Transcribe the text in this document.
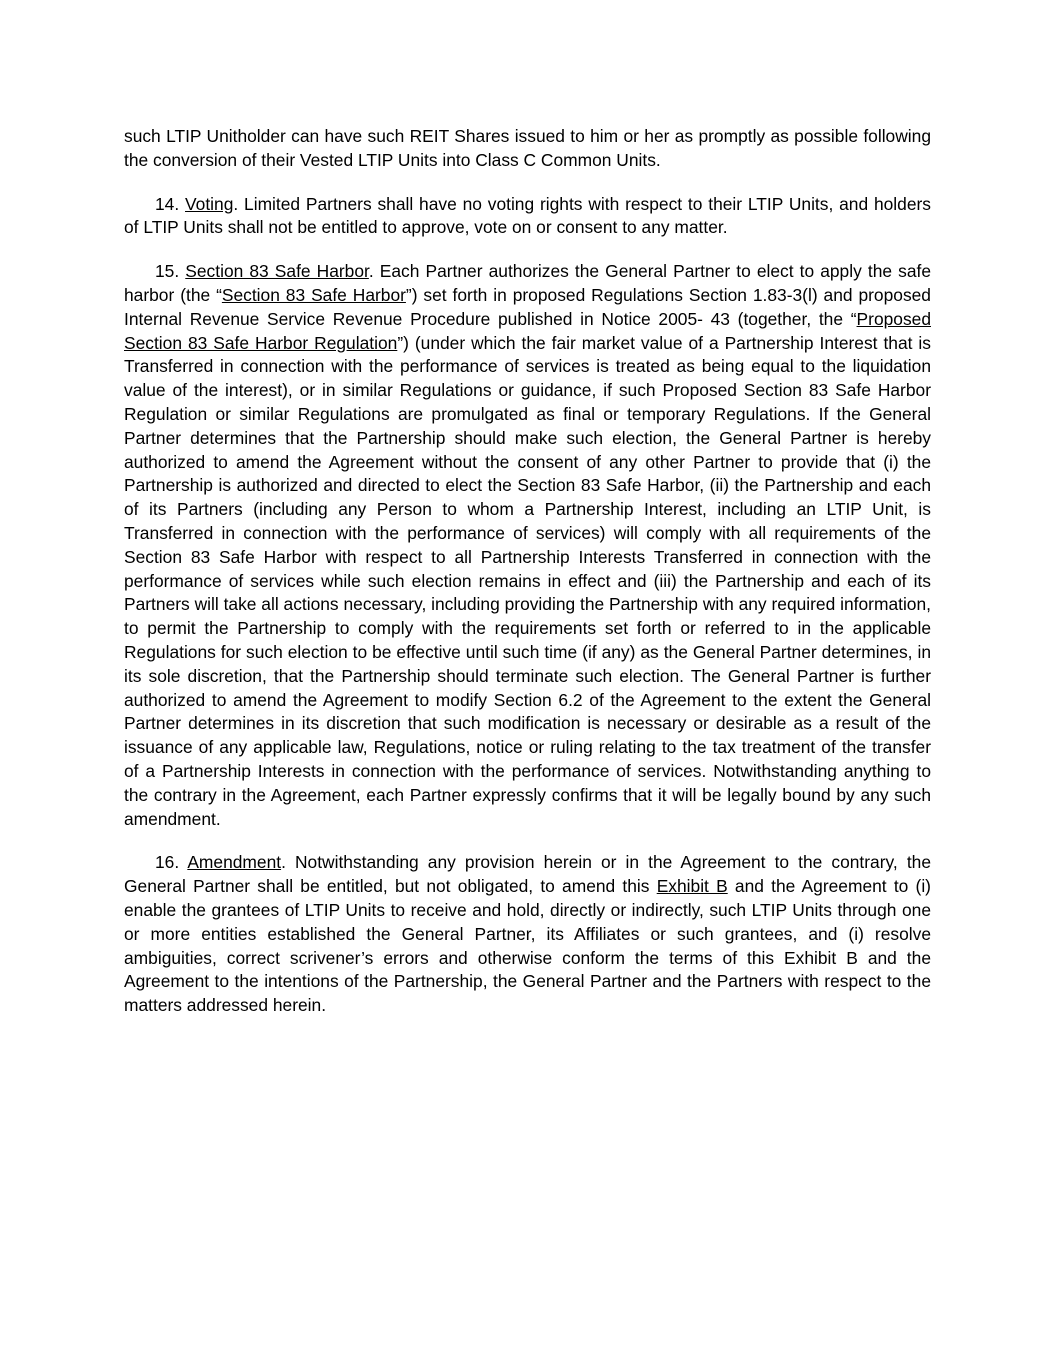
such LTIP Unitholder can have such REIT Shares issued to him or her as promptly as possible following the conversion of their Vested LTIP Units into Class C Common Units.

14. Voting. Limited Partners shall have no voting rights with respect to their LTIP Units, and holders of LTIP Units shall not be entitled to approve, vote on or consent to any matter.

15. Section 83 Safe Harbor. Each Partner authorizes the General Partner to elect to apply the safe harbor (the “Section 83 Safe Harbor”) set forth in proposed Regulations Section 1.83-3(l) and proposed Internal Revenue Service Revenue Procedure published in Notice 2005- 43 (together, the “Proposed Section 83 Safe Harbor Regulation”) (under which the fair market value of a Partnership Interest that is Transferred in connection with the performance of services is treated as being equal to the liquidation value of the interest), or in similar Regulations or guidance, if such Proposed Section 83 Safe Harbor Regulation or similar Regulations are promulgated as final or temporary Regulations. If the General Partner determines that the Partnership should make such election, the General Partner is hereby authorized to amend the Agreement without the consent of any other Partner to provide that (i) the Partnership is authorized and directed to elect the Section 83 Safe Harbor, (ii) the Partnership and each of its Partners (including any Person to whom a Partnership Interest, including an LTIP Unit, is Transferred in connection with the performance of services) will comply with all requirements of the Section 83 Safe Harbor with respect to all Partnership Interests Transferred in connection with the performance of services while such election remains in effect and (iii) the Partnership and each of its Partners will take all actions necessary, including providing the Partnership with any required information, to permit the Partnership to comply with the requirements set forth or referred to in the applicable Regulations for such election to be effective until such time (if any) as the General Partner determines, in its sole discretion, that the Partnership should terminate such election. The General Partner is further authorized to amend the Agreement to modify Section 6.2 of the Agreement to the extent the General Partner determines in its discretion that such modification is necessary or desirable as a result of the issuance of any applicable law, Regulations, notice or ruling relating to the tax treatment of the transfer of a Partnership Interests in connection with the performance of services. Notwithstanding anything to the contrary in the Agreement, each Partner expressly confirms that it will be legally bound by any such amendment.

16. Amendment. Notwithstanding any provision herein or in the Agreement to the contrary, the General Partner shall be entitled, but not obligated, to amend this Exhibit B and the Agreement to (i) enable the grantees of LTIP Units to receive and hold, directly or indirectly, such LTIP Units through one or more entities established the General Partner, its Affiliates or such grantees, and (i) resolve ambiguities, correct scrivener’s errors and otherwise conform the terms of this Exhibit B and the Agreement to the intentions of the Partnership, the General Partner and the Partners with respect to the matters addressed herein.
